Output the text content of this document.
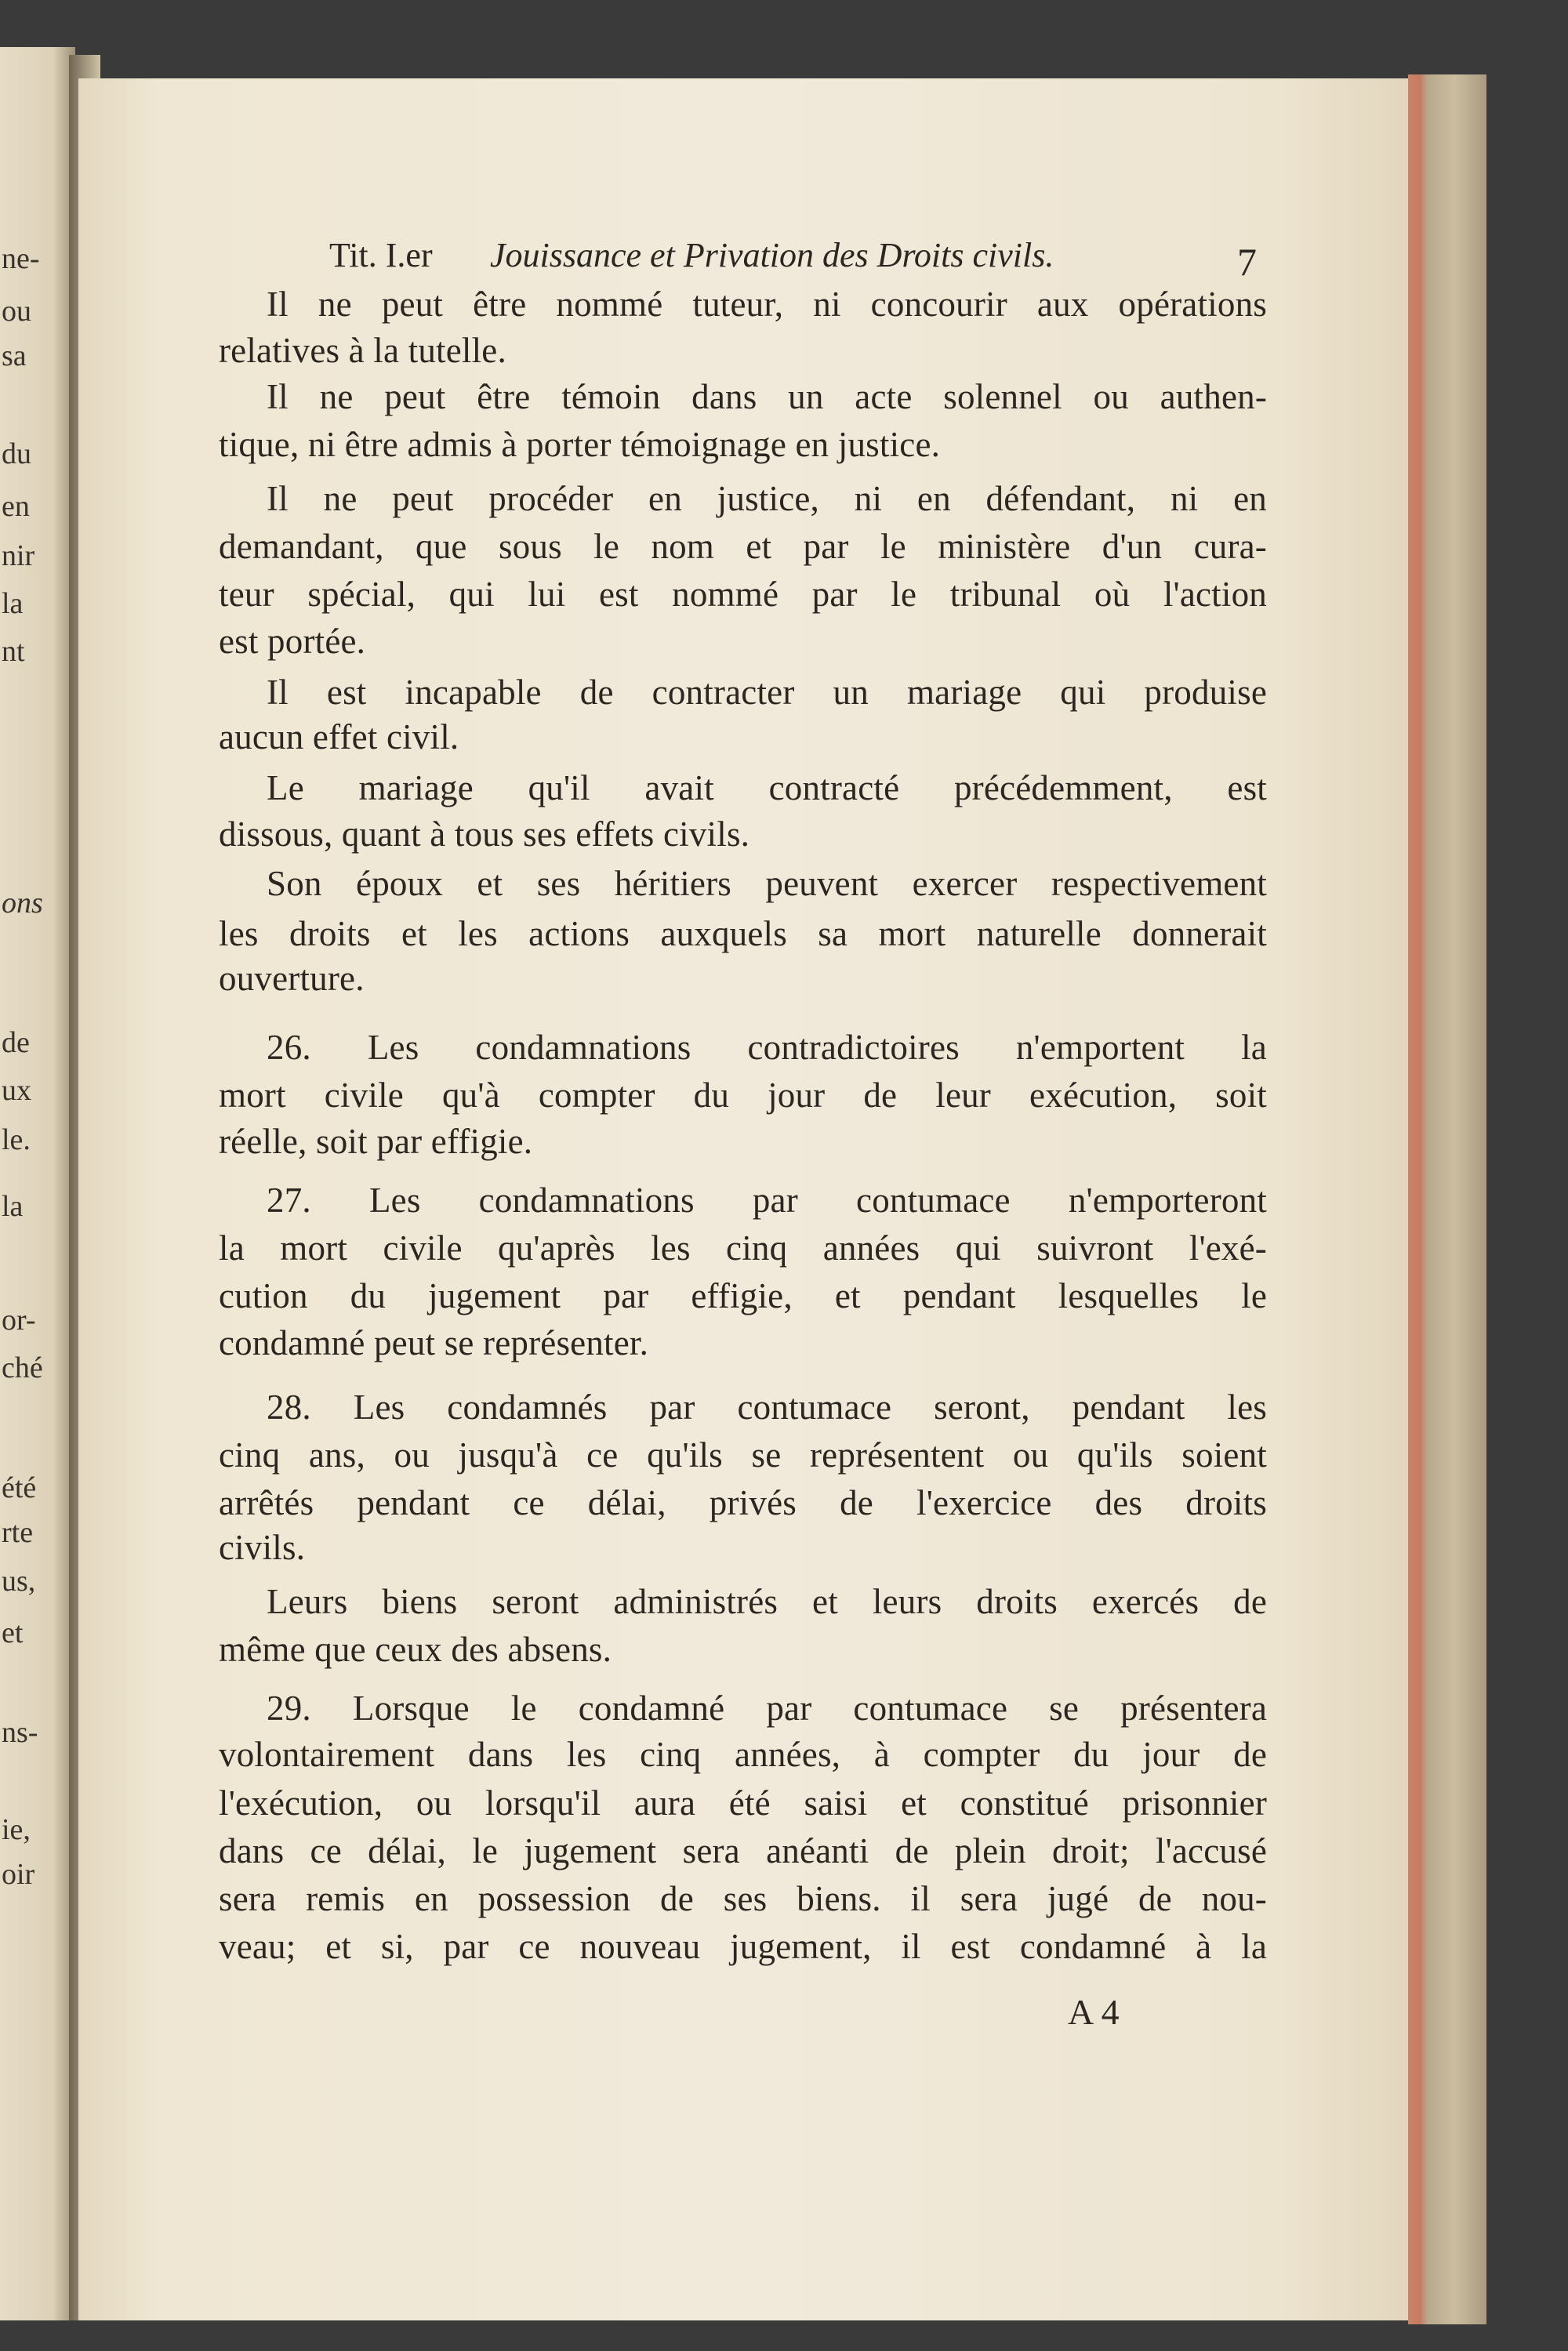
Tit. I.er Jouissance et Privation des Droits civils.	7
Il ne peut être nommé tuteur, ni concourir aux opérations
relatives à la tutelle.
Il ne peut être témoin dans un acte solennel ou authen-
tique, ni être admis à porter témoignage en justice.
Il ne peut procéder en justice, ni en défendant, ni en
demandant, que sous le nom et par le ministère d'un cura-
teur spécial, qui lui est nommé par le tribunal où l'action
est portée.
Il est incapable de contracter un mariage qui produise
aucun effet civil.
Le mariage qu'il avait contracté précédemment, est
dissous, quant à tous ses effets civils.
Son époux et ses héritiers peuvent exercer respectivement
les droits et les actions auxquels sa mort naturelle donnerait
ouverture.
26. Les condamnations contradictoires n'emportent la
mort civile qu'à compter du jour de leur exécution, soit
réelle, soit par effigie.
27. Les condamnations par contumace n'emporteront
la mort civile qu'après les cinq années qui suivront l'exé-
cution du jugement par effigie, et pendant lesquelles le
condamné peut se représenter.
28. Les condamnés par contumace seront, pendant les
cinq ans, ou jusqu'à ce qu'ils se représentent ou qu'ils soient
arrêtés pendant ce délai, privés de l'exercice des droits
civils.
Leurs biens seront administrés et leurs droits exercés de
même que ceux des absens.
29. Lorsque le condamné par contumace se présentera
volontairement dans les cinq années, à compter du jour de
l'exécution, ou lorsqu'il aura été saisi et constitué prisonnier
dans ce délai, le jugement sera anéanti de plein droit; l'accusé
sera remis en possession de ses biens. il sera jugé de nou-
veau; et si, par ce nouveau jugement, il est condamné à la
ne-
ou
sa
du
en
nir
la
nt
ons
de
ux
le.
la
or-
ché
été
rte
us,
et
ns-
ie,
oir
A 4
